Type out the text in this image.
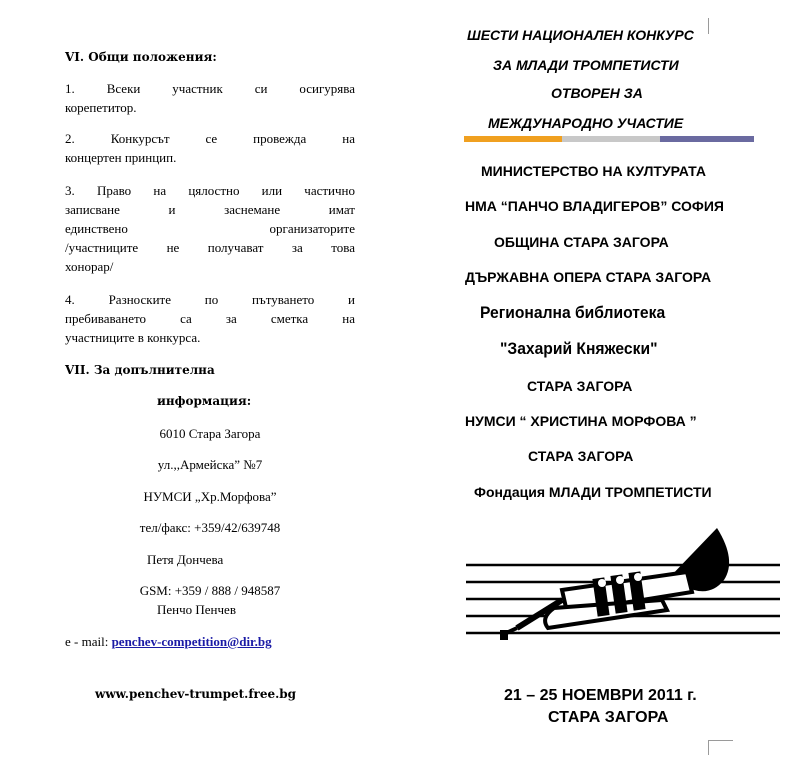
VI. Общи положения:
1. Всеки участник си осигурява
корепетитор.
2. Конкурсът се провежда на
концертен принцип.
3. Право на цялостно или частично
записване и заснемане имат
единствено организаторите
/участниците не получават за това
хонорар/
4. Разноските по пътуването и
пребиваването са за сметка на
участниците в конкурса.
VII. За допълнителна
информация:
6010 Стара Загора
ул.,,Армейска” №7
НУМСИ „Хр.Морфова”
тел/факс: +359/42/639748
Петя Дончева
GSM: +359 / 888 / 948587
Пенчо Пенчев
e - mail: penchev-competition@dir.bg
www.penchev-trumpet.free.bg
ШЕСТИ НАЦИОНАЛЕН КОНКУРС
ЗА МЛАДИ ТРОМПЕТИСТИ
ОТВОРЕН ЗА
МЕЖДУНАРОДНО УЧАСТИЕ
МИНИСТЕРСТВО НА КУЛТУРАТА
НМА “ПАНЧО ВЛАДИГЕРОВ” СОФИЯ
ОБЩИНА СТАРА ЗАГОРА
ДЪРЖАВНА ОПЕРА СТАРА ЗАГОРА
Регионална библиотека
"Захарий Княжески"
СТАРА ЗАГОРА
НУМСИ “ ХРИСТИНА МОРФОВА ”
СТАРА ЗАГОРА
Фондация МЛАДИ ТРОМПЕТИСТИ
21 – 25 НОЕМВРИ 2011 г.
СТАРА ЗАГОРА
